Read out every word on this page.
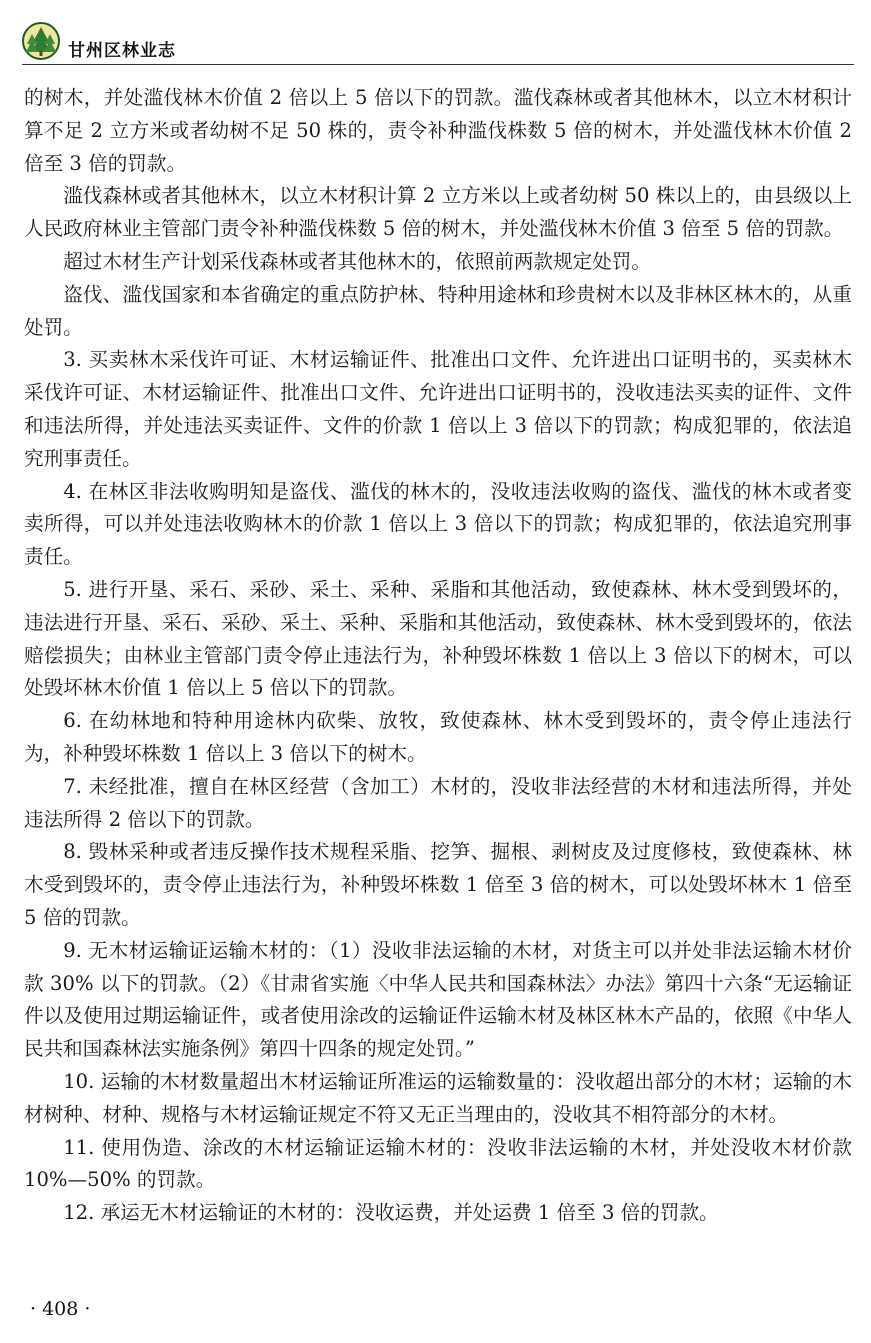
甘州区林业志

的树木，并处滥伐林木价值 2 倍以上 5 倍以下的罚款。滥伐森林或者其他林木，以立木材积计算不足 2 立方米或者幼树不足 50 株的，责令补种滥伐株数 5 倍的树木，并处滥伐林木价值 2 倍至 3 倍的罚款。

滥伐森林或者其他林木，以立木材积计算 2 立方米以上或者幼树 50 株以上的，由县级以上人民政府林业主管部门责令补种滥伐株数 5 倍的树木，并处滥伐林木价值 3 倍至 5 倍的罚款。

超过木材生产计划采伐森林或者其他林木的，依照前两款规定处罚。

盗伐、滥伐国家和本省确定的重点防护林、特种用途林和珍贵树木以及非林区林木的，从重处罚。

3. 买卖林木采伐许可证、木材运输证件、批准出口文件、允许进出口证明书的，买卖林木采伐许可证、木材运输证件、批准出口文件、允许进出口证明书的，没收违法买卖的证件、文件和违法所得，并处违法买卖证件、文件的价款 1 倍以上 3 倍以下的罚款；构成犯罪的，依法追究刑事责任。

4. 在林区非法收购明知是盗伐、滥伐的林木的，没收违法收购的盗伐、滥伐的林木或者变卖所得，可以并处违法收购林木的价款 1 倍以上 3 倍以下的罚款；构成犯罪的，依法追究刑事责任。

5. 进行开垦、采石、采砂、采土、采种、采脂和其他活动，致使森林、林木受到毁坏的，违法进行开垦、采石、采砂、采土、采种、采脂和其他活动，致使森林、林木受到毁坏的，依法赔偿损失；由林业主管部门责令停止违法行为，补种毁坏株数 1 倍以上 3 倍以下的树木，可以处毁坏林木价值 1 倍以上 5 倍以下的罚款。

6. 在幼林地和特种用途林内砍柴、放牧，致使森林、林木受到毁坏的，责令停止违法行为，补种毁坏株数 1 倍以上 3 倍以下的树木。

7. 未经批准，擅自在林区经营（含加工）木材的，没收非法经营的木材和违法所得，并处违法所得 2 倍以下的罚款。

8. 毁林采种或者违反操作技术规程采脂、挖笋、掘根、剥树皮及过度修枝，致使森林、林木受到毁坏的，责令停止违法行为，补种毁坏株数 1 倍至 3 倍的树木，可以处毁坏林木 1 倍至 5 倍的罚款。

9. 无木材运输证运输木材的：（1）没收非法运输的木材，对货主可以并处非法运输木材价款 30% 以下的罚款。（2）《甘肃省实施〈中华人民共和国森林法〉办法》第四十六条“无运输证件以及使用过期运输证件，或者使用涂改的运输证件运输木材及林区林木产品的，依照《中华人民共和国森林法实施条例》第四十四条的规定处罚。”

10. 运输的木材数量超出木材运输证所准运的运输数量的：没收超出部分的木材；运输的木材树种、材种、规格与木材运输证规定不符又无正当理由的，没收其不相符部分的木材。

11. 使用伪造、涂改的木材运输证运输木材的：没收非法运输的木材，并处没收木材价款 10%—50% 的罚款。

12. 承运无木材运输证的木材的：没收运费，并处运费 1 倍至 3 倍的罚款。

· 408 ·
